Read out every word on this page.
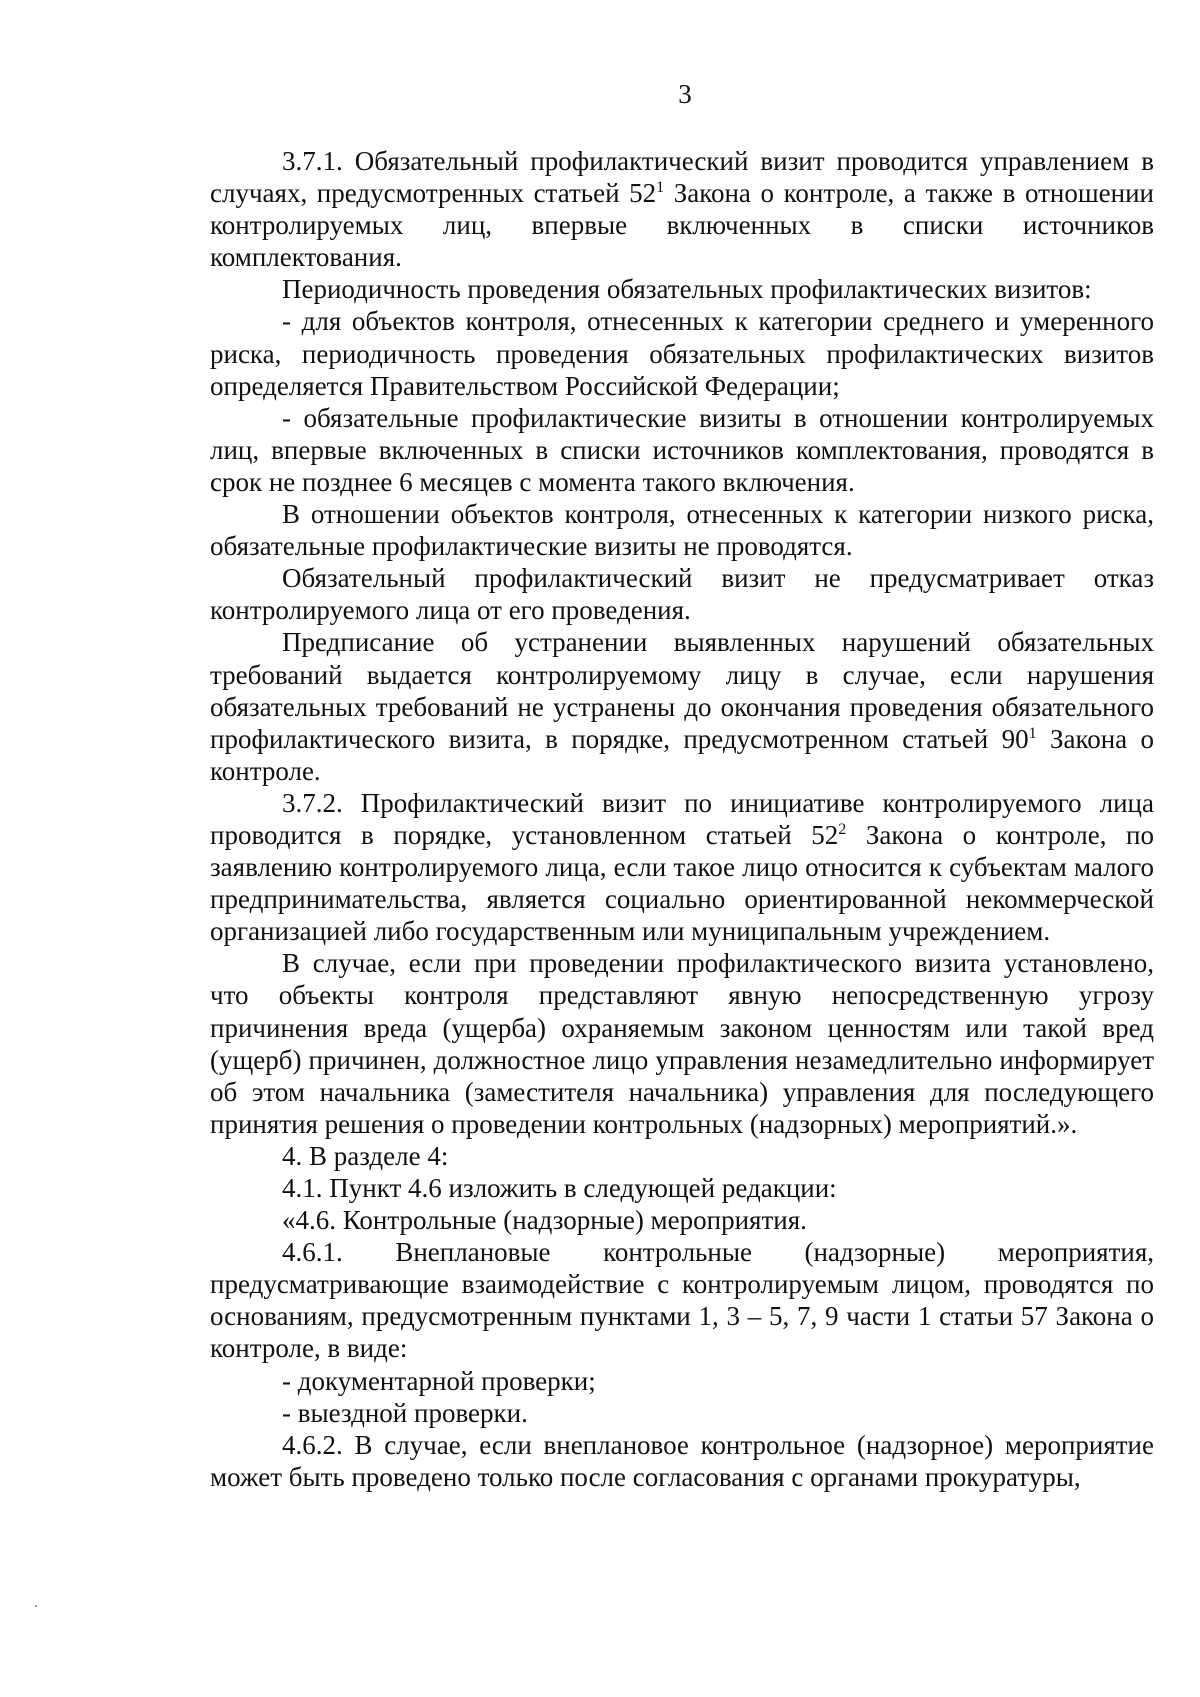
3

3.7.1. Обязательный профилактический визит проводится управлением в случаях, предусмотренных статьей $52^1$ Закона о контроле, а также в отношении контролируемых лиц, впервые включенных в списки источников комплектования.

Периодичность проведения обязательных профилактических визитов:

- для объектов контроля, отнесенных к категории среднего и умеренного риска, периодичность проведения обязательных профилактических визитов определяется Правительством Российской Федерации;

- обязательные профилактические визиты в отношении контролируемых лиц, впервые включенных в списки источников комплектования, проводятся в срок не позднее 6 месяцев с момента такого включения.

В отношении объектов контроля, отнесенных к категории низкого риска, обязательные профилактические визиты не проводятся.

Обязательный профилактический визит не предусматривает отказ контролируемого лица от его проведения.

Предписание об устранении выявленных нарушений обязательных требований выдается контролируемому лицу в случае, если нарушения обязательных требований не устранены до окончания проведения обязательного профилактического визита, в порядке, предусмотренном статьей $90^1$ Закона о контроле.

3.7.2. Профилактический визит по инициативе контролируемого лица проводится в порядке, установленном статьей $52^2$ Закона о контроле, по заявлению контролируемого лица, если такое лицо относится к субъектам малого предпринимательства, является социально ориентированной некоммерческой организацией либо государственным или муниципальным учреждением.

В случае, если при проведении профилактического визита установлено, что объекты контроля представляют явную непосредственную угрозу причинения вреда (ущерба) охраняемым законом ценностям или такой вред (ущерб) причинен, должностное лицо управления незамедлительно информирует об этом начальника (заместителя начальника) управления для последующего принятия решения о проведении контрольных (надзорных) мероприятий.».

4. В разделе 4:

4.1. Пункт 4.6 изложить в следующей редакции:

«4.6. Контрольные (надзорные) мероприятия.

4.6.1. Внеплановые контрольные (надзорные) мероприятия, предусматривающие взаимодействие с контролируемым лицом, проводятся по основаниям, предусмотренным пунктами 1, 3 – 5, 7, 9 части 1 статьи 57 Закона о контроле, в виде:

- документарной проверки;

- выездной проверки.

4.6.2. В случае, если внеплановое контрольное (надзорное) мероприятие может быть проведено только после согласования с органами прокуратуры,
